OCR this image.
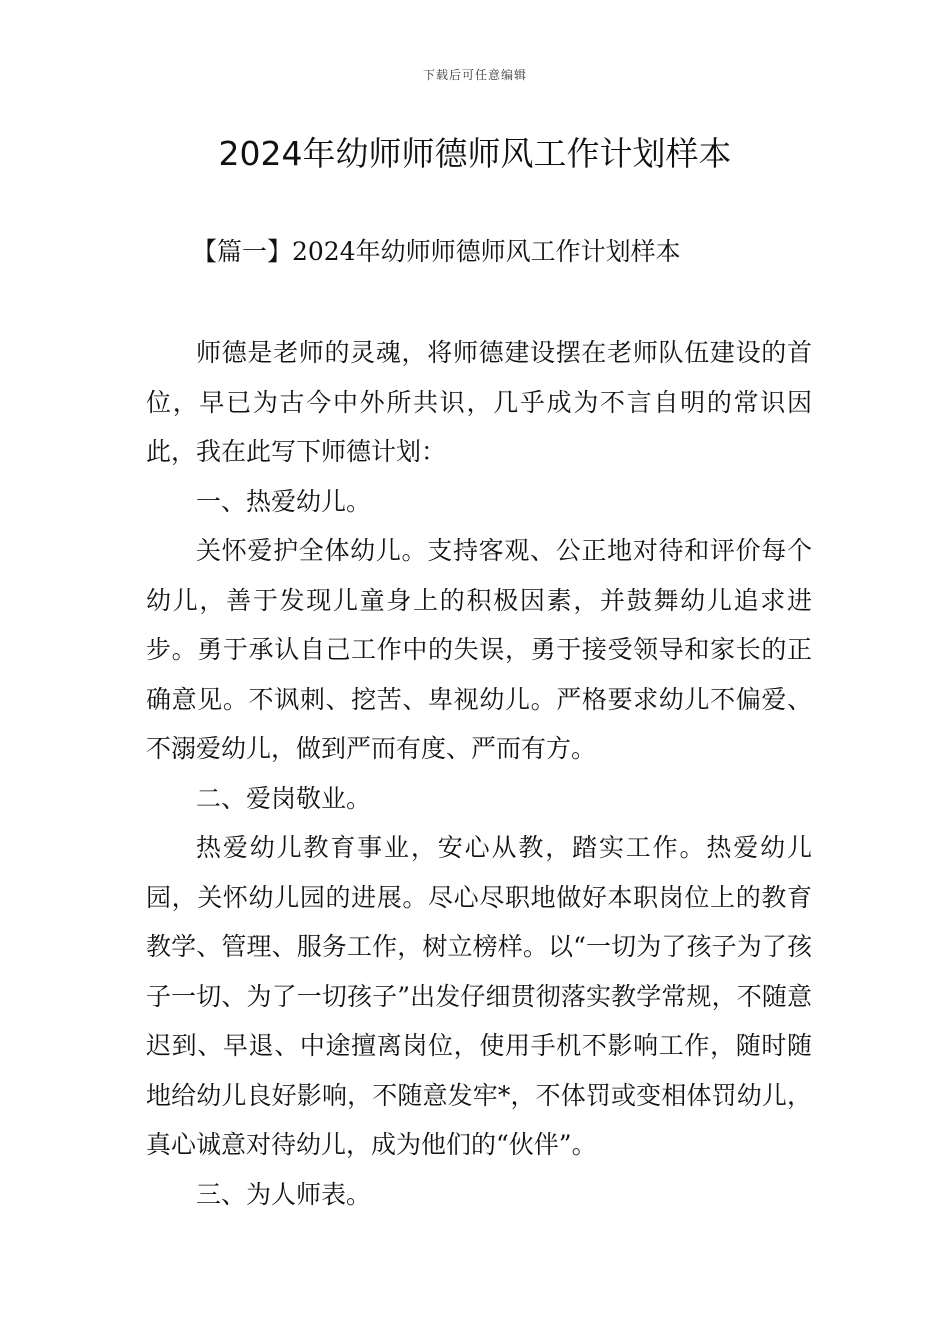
下载后可任意编辑
2024年幼师师德师风工作计划样本
【篇一】2024年幼师师德师风工作计划样本

师德是老师的灵魂，将师德建设摆在老师队伍建设的首位，早已为古今中外所共识，几乎成为不言自明的常识因此，我在此写下师德计划：

一、热爱幼儿。

关怀爱护全体幼儿。支持客观、公正地对待和评价每个幼儿，善于发现儿童身上的积极因素，并鼓舞幼儿追求进步。勇于承认自己工作中的失误，勇于接受领导和家长的正确意见。不讽刺、挖苦、卑视幼儿。严格要求幼儿不偏爱、不溺爱幼儿，做到严而有度、严而有方。

二、爱岗敬业。

热爱幼儿教育事业，安心从教，踏实工作。热爱幼儿园，关怀幼儿园的进展。尽心尽职地做好本职岗位上的教育教学、管理、服务工作，树立榜样。以“一切为了孩子为了孩子一切、为了一切孩子”出发仔细贯彻落实教学常规，不随意迟到、早退、中途擅离岗位，使用手机不影响工作，随时随地给幼儿良好影响，不随意发牢*，不体罚或变相体罚幼儿，真心诚意对待幼儿，成为他们的“伙伴”。

三、为人师表。
